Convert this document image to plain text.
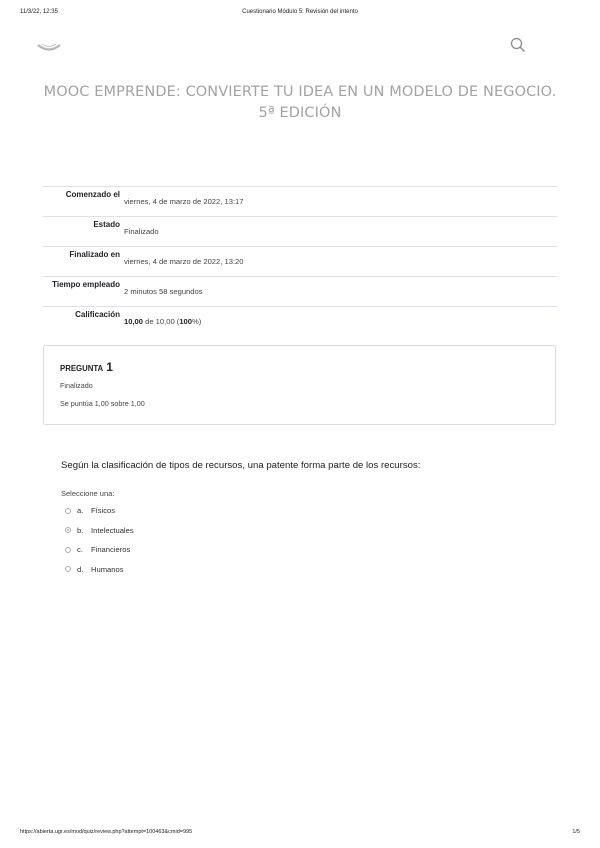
11/3/22, 12:35	Cuestionario Módulo 5: Revisión del intento
MOOC EMPRENDE: CONVIERTE TU IDEA EN UN MODELO DE NEGOCIO. 5ª EDICIÓN
Comenzado el
viernes, 4 de marzo de 2022, 13:17
Estado
Finalizado
Finalizado en
viernes, 4 de marzo de 2022, 13:20
Tiempo empleado
2 minutos 58 segundos
Calificación
10,00 de 10,00 (100%)
PREGUNTA 1
Finalizado
Se puntúa 1,00 sobre 1,00
Según la clasificación de tipos de recursos, una patente forma parte de los recursos:
Seleccione una:
a.	Físicos
b.	Intelectuales
c.	Financieros
d.	Humanos
https://abierta.ugr.es/mod/quiz/review.php?attempt=100463&cmid=995	1/5
